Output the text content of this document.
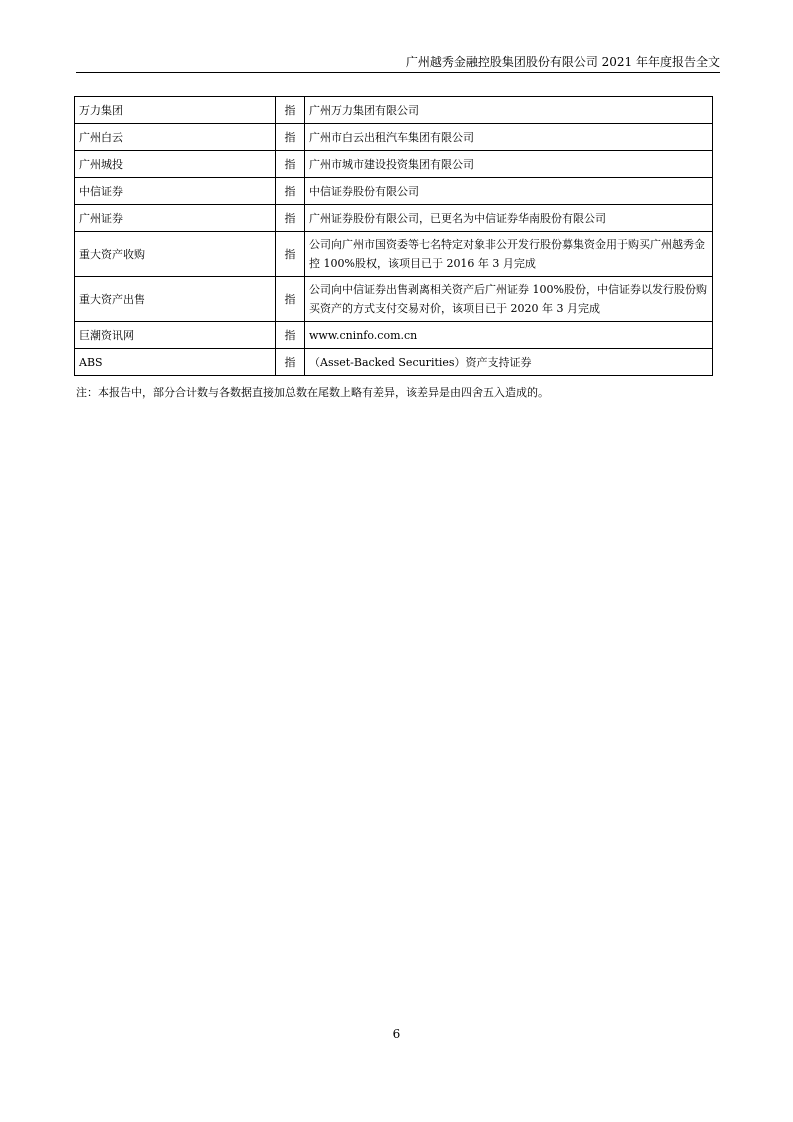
广州越秀金融控股集团股份有限公司 2021 年年度报告全文
万力集团	指	广州万力集团有限公司
广州白云	指	广州市白云出租汽车集团有限公司
广州城投	指	广州市城市建设投资集团有限公司
中信证券	指	中信证券股份有限公司
广州证券	指	广州证券股份有限公司，已更名为中信证券华南股份有限公司
重大资产收购	指	公司向广州市国资委等七名特定对象非公开发行股份募集资金用于购买广州越秀金控 100%股权，该项目已于 2016 年 3 月完成
重大资产出售	指	公司向中信证券出售剥离相关资产后广州证券 100%股份，中信证券以发行股份购买资产的方式支付交易对价，该项目已于 2020 年 3 月完成
巨潮资讯网	指	www.cninfo.com.cn
ABS	指	（Asset-Backed Securities）资产支持证券
注：本报告中，部分合计数与各数据直接加总数在尾数上略有差异，该差异是由四舍五入造成的。
6
